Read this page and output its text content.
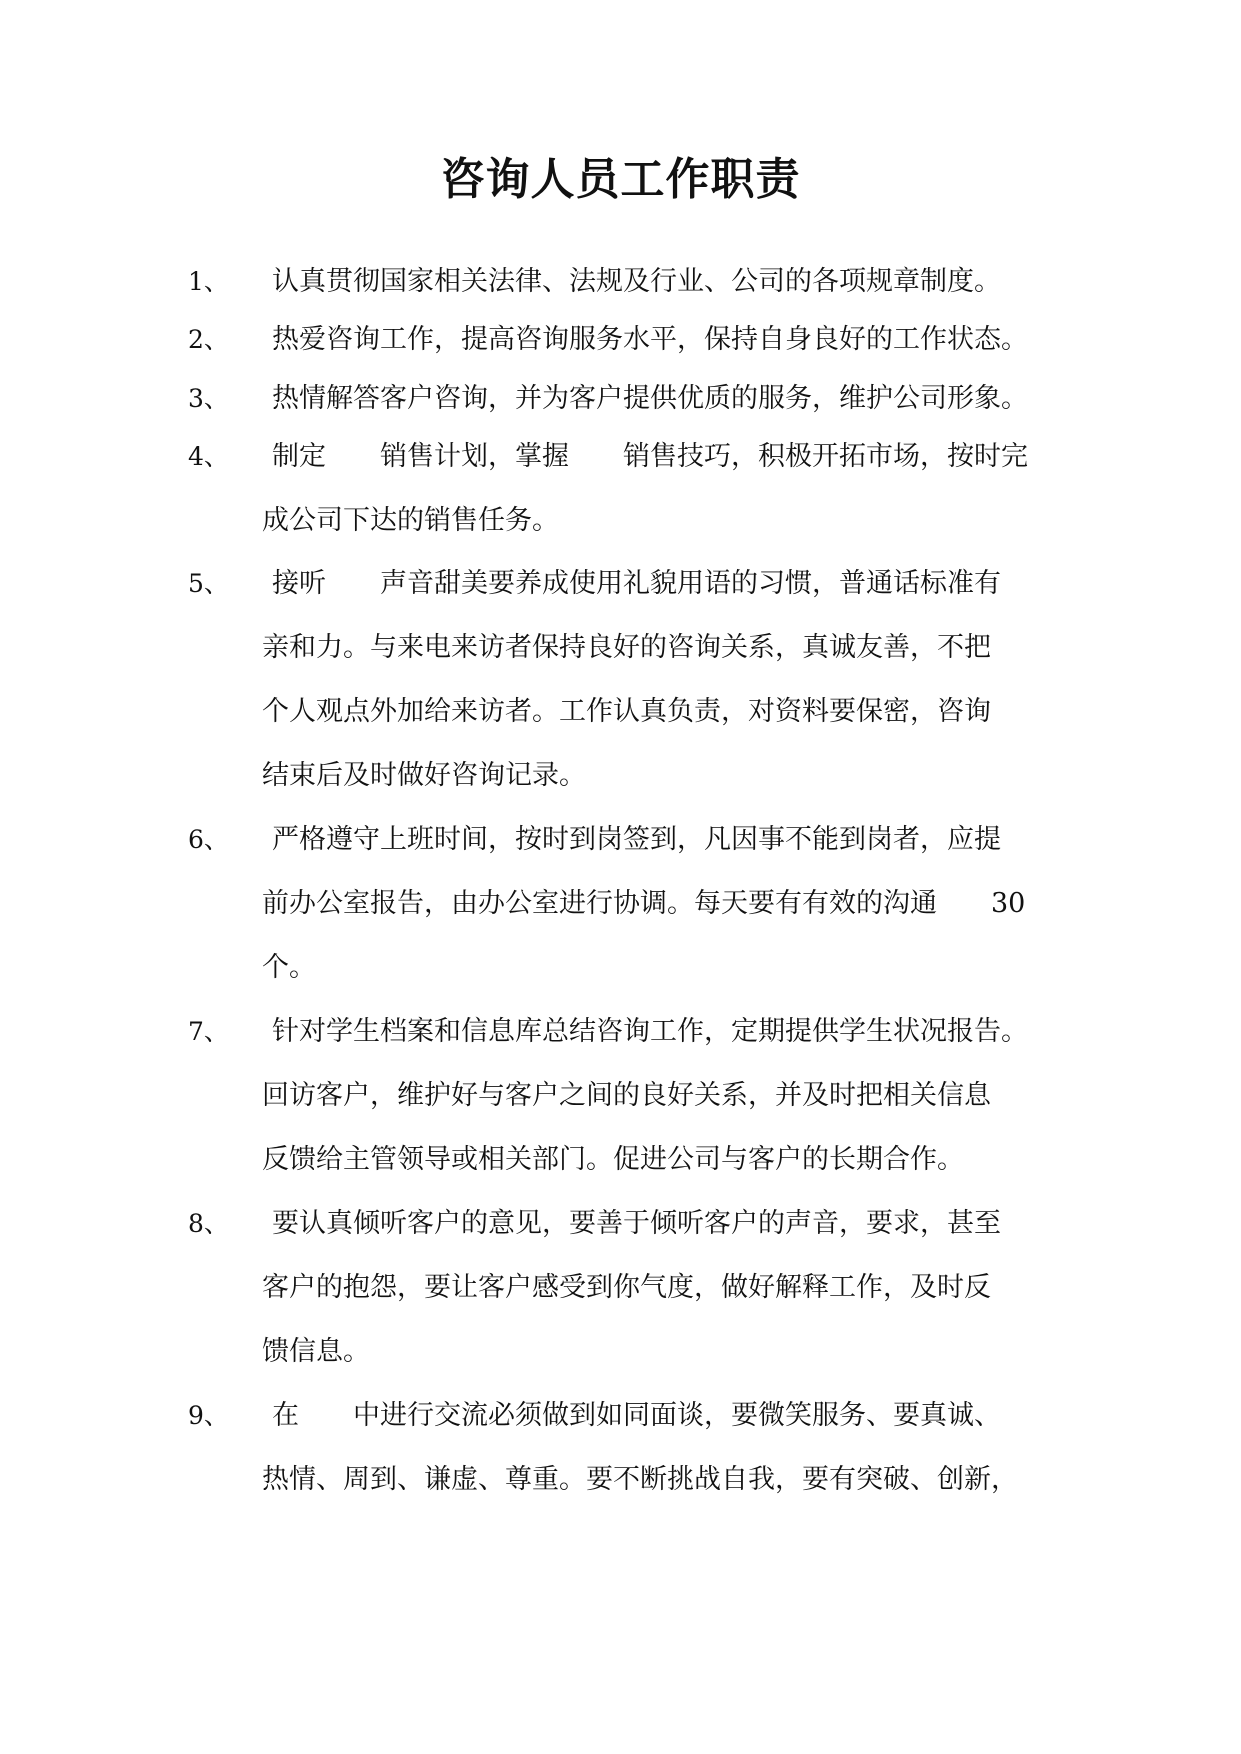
咨询人员工作职责
1、	认真贯彻国家相关法律、法规及行业、公司的各项规章制度。
2、	热爱咨询工作，提高咨询服务水平，保持自身良好的工作状态。
3、	热情解答客户咨询，并为客户提供优质的服务，维护公司形象。
4、	制定　　销售计划，掌握　　销售技巧，积极开拓市场，按时完
成公司下达的销售任务。
5、	接听　　声音甜美要养成使用礼貌用语的习惯，普通话标准有
亲和力。与来电来访者保持良好的咨询关系，真诚友善，不把
个人观点外加给来访者。工作认真负责，对资料要保密，咨询
结束后及时做好咨询记录。
6、	严格遵守上班时间，按时到岗签到，凡因事不能到岗者，应提
前办公室报告，由办公室进行协调。每天要有有效的沟通　　30
个。
7、	针对学生档案和信息库总结咨询工作，定期提供学生状况报告。
回访客户，维护好与客户之间的良好关系，并及时把相关信息
反馈给主管领导或相关部门。促进公司与客户的长期合作。
8、	要认真倾听客户的意见，要善于倾听客户的声音，要求，甚至
客户的抱怨，要让客户感受到你气度，做好解释工作，及时反
馈信息。
9、	在　　中进行交流必须做到如同面谈，要微笑服务、要真诚、
热情、周到、谦虚、尊重。要不断挑战自我，要有突破、创新，
